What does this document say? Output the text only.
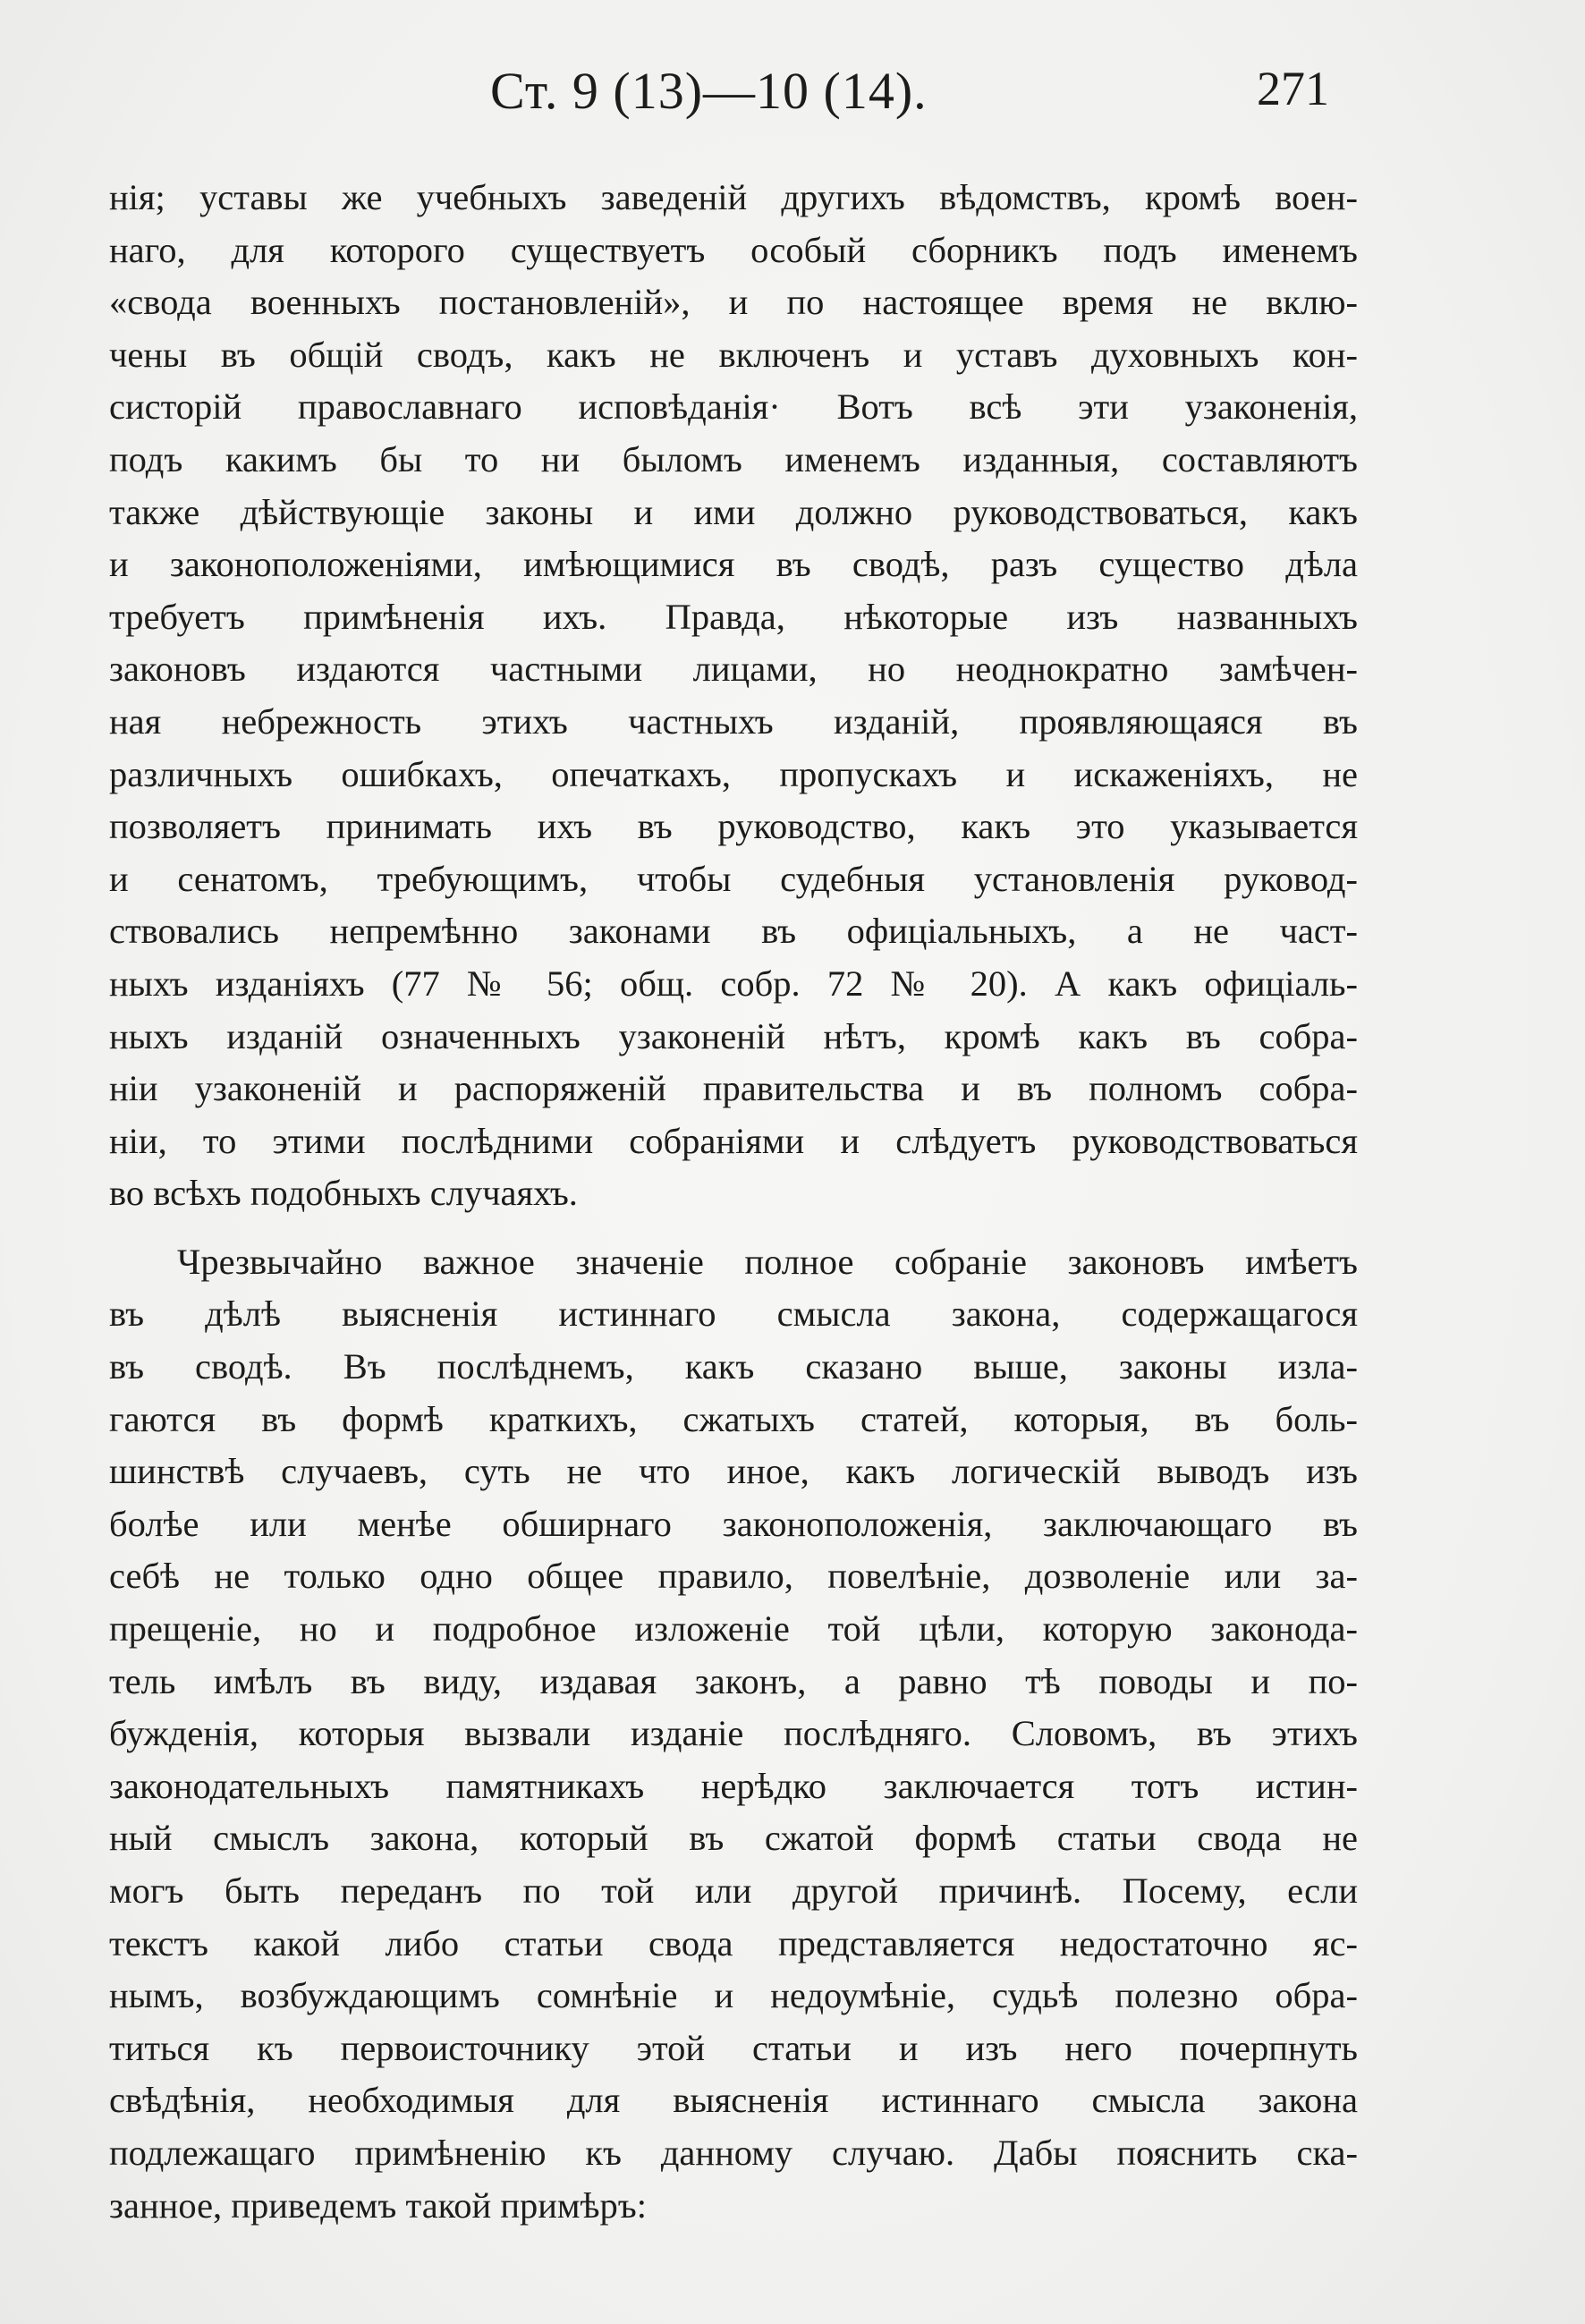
Ст. 9 (13)—10 (14).	271

нія; уставы же учебныхъ заведеній другихъ вѣдомствъ, кромѣ воен-
наго, для которого существуетъ особый сборникъ подъ именемъ
«свода военныхъ постановленій», и по настоящее время не вклю-
чены въ общій сводъ, какъ не включенъ и уставъ духовныхъ кон-
систорій православнаго исповѣданія· Вотъ всѣ эти узаконенія,
подъ какимъ бы то ни быломъ именемъ изданныя, составляютъ
также дѣйствующіе законы и ими должно руководствоваться, какъ
и законоположеніями, имѣющимися въ сводѣ, разъ существо дѣла
требуетъ примѣненія ихъ. Правда, нѣкоторые изъ названныхъ
законовъ издаются частными лицами, но неоднократно замѣчен-
ная небрежность этихъ частныхъ изданій, проявляющаяся въ
различныхъ ошибкахъ, опечаткахъ, пропускахъ и искаженіяхъ, не
позволяетъ принимать ихъ въ руководство, какъ это указывается
и сенатомъ, требующимъ, чтобы судебныя установленія руковод-
ствовались непремѣнно законами въ офиціальныхъ, а не част-
ныхъ изданіяхъ (77 № 56; общ. собр. 72 № 20). А какъ офиціаль-
ныхъ изданій означенныхъ узаконеній нѣтъ, кромѣ какъ въ собра-
ніи узаконеній и распоряженій правительства и въ полномъ собра-
ніи, то этими послѣдними собраніями и слѣдуетъ руководствоваться
во всѣхъ подобныхъ случаяхъ.

Чрезвычайно важное значеніе полное собраніе законовъ имѣетъ
въ дѣлѣ выясненія истиннаго смысла закона, содержащагося
въ сводѣ. Въ послѣднемъ, какъ сказано выше, законы изла-
гаются въ формѣ краткихъ, сжатыхъ статей, которыя, въ боль-
шинствѣ случаевъ, суть не что иное, какъ логическій выводъ изъ
болѣе или менѣе обширнаго законоположенія, заключающаго въ
себѣ не только одно общее правило, повелѣніе, дозволеніе или за-
прещеніе, но и подробное изложеніе той цѣли, которую законода-
тель имѣлъ въ виду, издавая законъ, а равно тѣ поводы и по-
бужденія, которыя вызвали изданіе послѣдняго. Словомъ, въ этихъ
законодательныхъ памятникахъ нерѣдко заключается тотъ истин-
ный смыслъ закона, который въ сжатой формѣ статьи свода не
могъ быть переданъ по той или другой причинѣ. Посему, если
текстъ какой либо статьи свода представляется недостаточно яс-
нымъ, возбуждающимъ сомнѣніе и недоумѣніе, судьѣ полезно обра-
титься къ первоисточнику этой статьи и изъ него почерпнуть
свѣдѣнія, необходимыя для выясненія истиннаго смысла закона
подлежащаго примѣненію къ данному случаю. Дабы пояснить ска-
занное, приведемъ такой примѣръ:
